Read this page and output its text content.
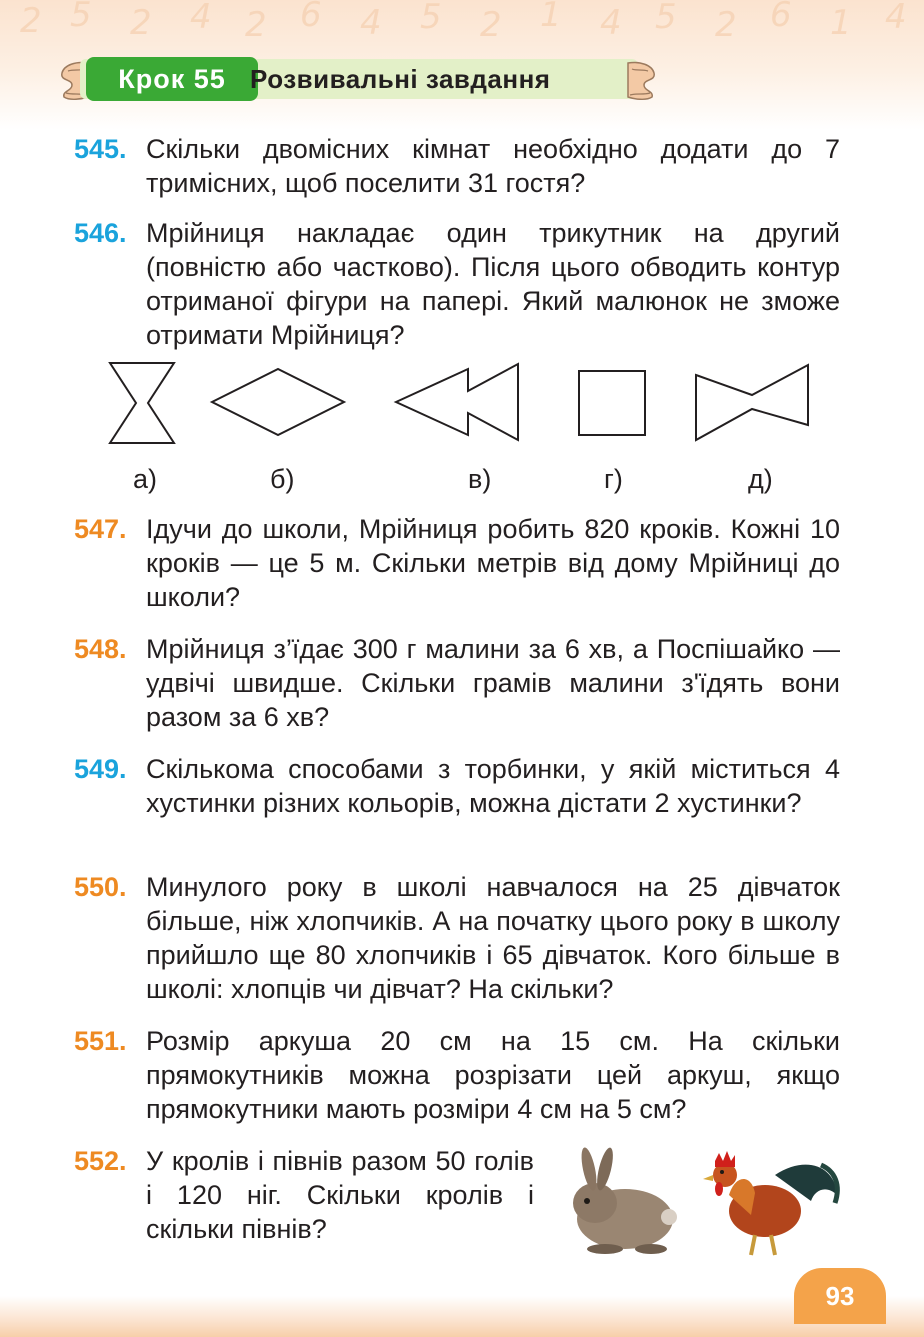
2 5 2 4 2 6 4 5 2 1 4 5 2 6 1 4
Крок 55 Розвивальні завдання
545. Скільки двомісних кімнат необхідно додати до 7 тримісних, щоб поселити 31 гостя?
546. Мрійниця накладає один трикутник на другий (повністю або частково). Після цього обводить контур отриманої фігури на папері. Який малюнок не зможе отримати Мрійниця?
а)	б)	в)	г)	д)
547. Ідучи до школи, Мрійниця робить 820 кроків. Кожні 10 кроків — це 5 м. Скільки метрів від дому Мрійниці до школи?
548. Мрійниця з’їдає 300 г малини за 6 хв, а Поспішайко — удвічі швидше. Скільки грамів малини з'їдять вони разом за 6 хв?
549. Скількома способами з торбинки, у якій міститься 4 хустинки різних кольорів, можна дістати 2 хустинки?
550. Минулого року в школі навчалося на 25 дівчаток більше, ніж хлопчиків. А на початку цього року в школу прийшло ще 80 хлопчиків і 65 дівчаток. Кого більше в школі: хлопців чи дівчат? На скільки?
551. Розмір аркуша 20 см на 15 см. На скільки прямокутників можна розрізати цей аркуш, якщо прямокутники мають розміри 4 см на 5 см?
552. У кролів і півнів разом 50 голів і 120 ніг. Скільки кролів і скільки півнів?
93
